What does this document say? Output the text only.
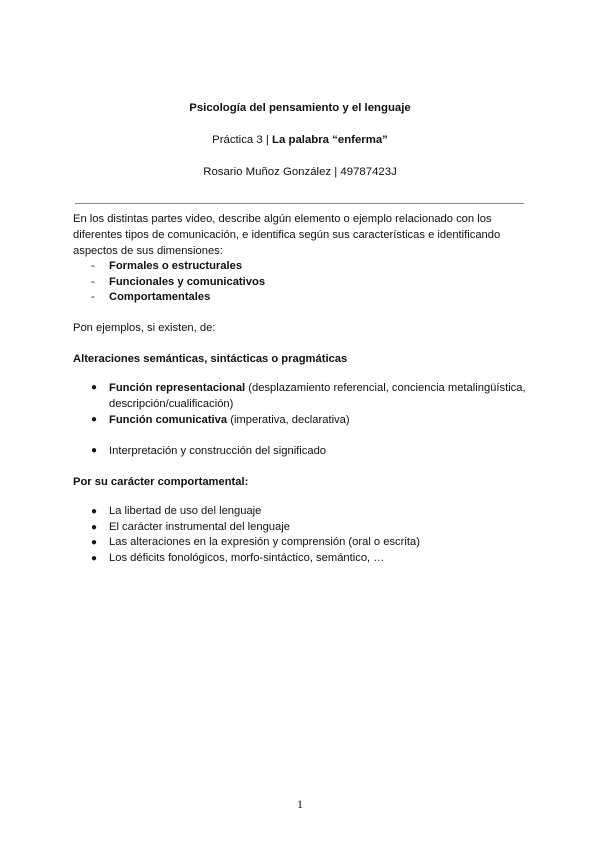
Psicología del pensamiento y el lenguaje
Práctica 3 | La palabra “enferma”
Rosario Muñoz González | 49787423J
En los distintas partes video, describe algún elemento o ejemplo relacionado con los diferentes tipos de comunicación, e identifica según sus características e identificando aspectos de sus dimensiones:
- Formales o estructurales
- Funcionales y comunicativos
- Comportamentales
Pon ejemplos, si existen, de:
Alteraciones semánticas, sintácticas o pragmáticas
● Función representacional (desplazamiento referencial, conciencia metalingüística, descripción/cualificación)
● Función comunicativa (imperativa, declarativa)
● Interpretación y construcción del significado
Por su carácter comportamental:
● La libertad de uso del lenguaje
● El carácter instrumental del lenguaje
● Las alteraciones en la expresión y comprensión (oral o escrita)
● Los déficits fonológicos, morfo-sintáctico, semántico, …
1
